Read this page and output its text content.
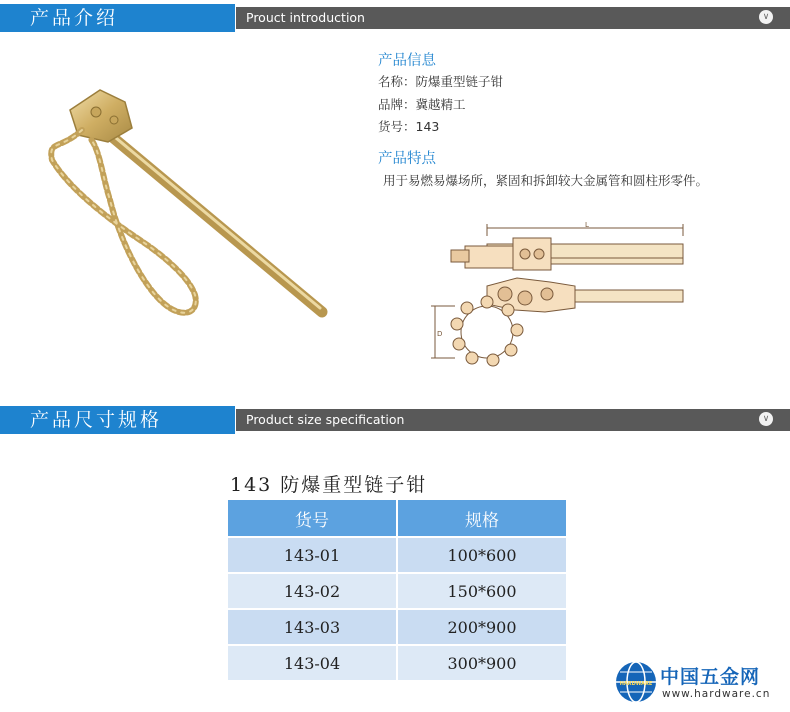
产品介绍	Prouct introduction	∨
产品信息
名称：防爆重型链子钳
品牌：冀越精工
货号：143
产品特点
用于易燃易爆场所，紧固和拆卸较大金属管和圆柱形零件。
L
D
产品尺寸规格	Product size specification	∨
143 防爆重型链子钳
货号	规格
143-01	100*600
143-02	150*600
143-03	200*900
143-04	300*900
HARDWARE 中国五金网
www.hardware.cn
